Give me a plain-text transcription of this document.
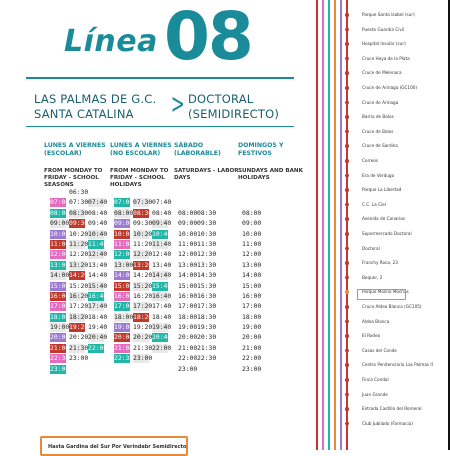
Línea 08
LAS PALMAS DE G.C.
SANTA CATALINA	> DOCTORAL
(SEMIDIRECTO)
LUNES A VIERNES
(ESCOLAR)
LUNES A VIERNES
(NO ESCOLAR)
SÁBADO
(LABORABLE)
DOMINGOS Y
FESTIVOS
FROM MONDAY TO
FRIDAY - SCHOOL
SEASONS
FROM MONDAY TO
FRIDAY - SCHOOL
HOLIDAYS
SATURDAYS - LABOR
DAYS
SUNDAYS AND BANK
HOLIDAYS
06:30
07:00 07:30 07:40
08:00 08:30 08:40
09:00 09:30 09:40
10:00 10:20 10:40
11:00 11:20 11:40
12:00 12:20 12:40
13:00 13:20 13:40
14:00 14:20 14:40
15:00 15:20 15:40
16:00 16:20 16:40
17:00 17:20 17:40
18:00 18:20 18:40
19:00 19:20 19:40
20:00 20:20 20:40
21:00 21:30 22:00
22:30 23:00
23:00
07:00 07:30 07:40
08:00 08:30 08:40
09:00 09:30 09:40
10:00 10:20 10:40
11:00 11:20 11:40
12:00 12:20 12:40
13:00 13:20 13:40
14:00 14:20 14:40
15:00 15:20 15:40
16:00 16:20 16:40
17:00 17:20 17:40
18:00 18:20 18:40
19:00 19:20 19:40
20:00 20:20 20:40
21:00 21:30 22:00
22:30 23:00
08:00 08:30
09:00 09:30
10:00 10:30
11:00 11:30
12:00 12:30
13:00 13:30
14:00 14:30
15:00 15:30
16:00 16:30
17:00 17:30
18:00 18:30
19:00 19:30
20:00 20:30
21:00 21:30
22:00 22:30
23:00
08:00
09:00
10:00
11:00
12:00
13:00
14:00
15:00
16:00
17:00
18:00
19:00
20:00
21:00
22:00
23:00
Hasta Gardina del Sur Por Verindabr Semidirecto
Parque Santa Isabel (sur)
Puesto Guardia Civil
Hospital Insular (sur)
Cruce Hoya de la Plata
Cruce de Melenara
Cruce de Arinaga (GC100)
Cruce de Arinaga
Barrio de Balos
Cruce de Balos
Cruce de Sardina
Correos
Era de Verdugo
Parque La Libertad
C.C. La Ciel
Avenida de Canarias
Supermercado Doctoral
Doctoral
Franchy Roca, 23
Bequer, 2
Parque Molino Mochas
Cruce Aldea Blanca (GC105)
Aldea Blanca
El Rodeo
Casas del Conde
Centro Penitenciario Las Palmas II
Finca Condal
Juan Grande
Entrada Castillo del Romeral
Club Jubilado (Farmacia)
